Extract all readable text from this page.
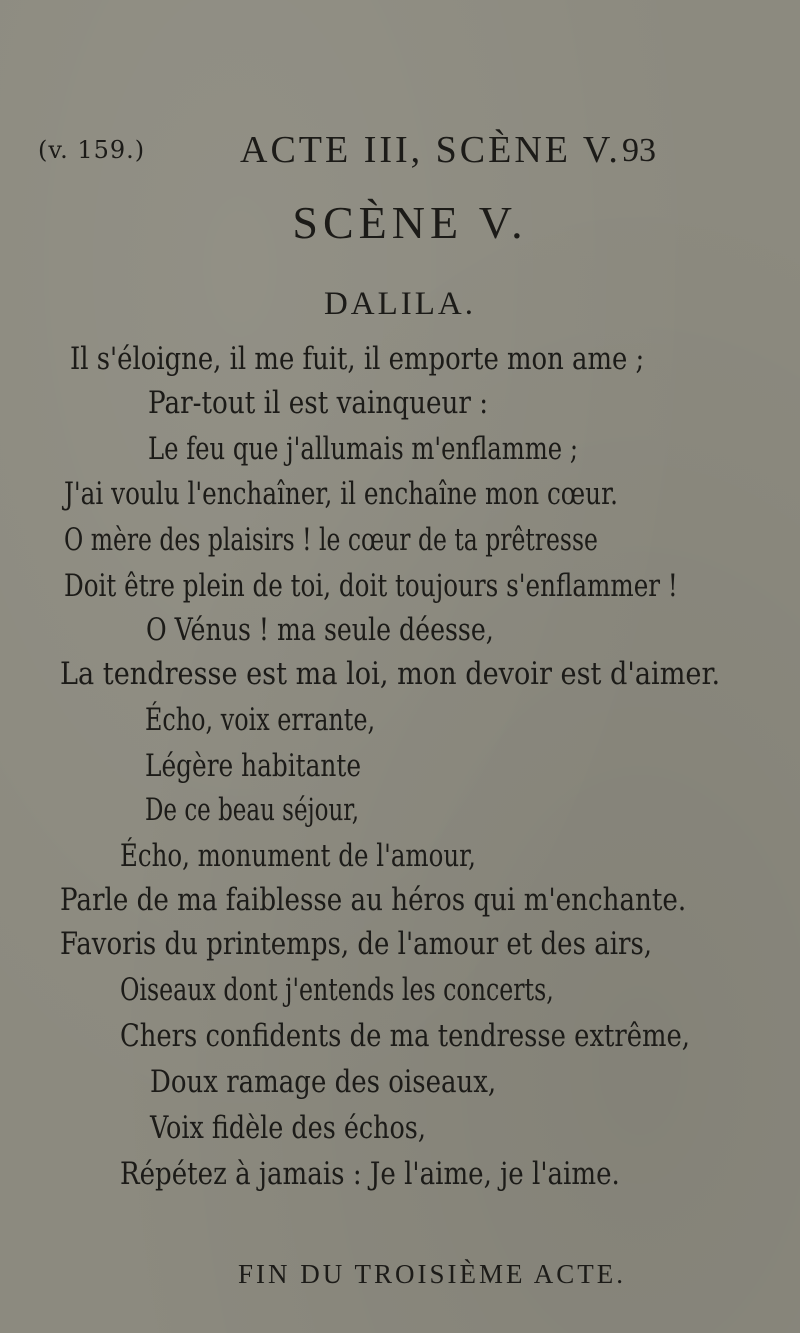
(v. 159.) ACTE III, SCÈNE V. 93
SCÈNE V.
DALILA.
Il s'éloigne, il me fuit, il emporte mon ame ;
Par-tout il est vainqueur :
Le feu que j'allumais m'enflamme ;
J'ai voulu l'enchaîner, il enchaîne mon cœur.
O mère des plaisirs ! le cœur de ta prêtresse
Doit être plein de toi, doit toujours s'enflammer !
O Vénus ! ma seule déesse,
La tendresse est ma loi, mon devoir est d'aimer.
Écho, voix errante,
Légère habitante
De ce beau séjour,
Écho, monument de l'amour,
Parle de ma faiblesse au héros qui m'enchante.
Favoris du printemps, de l'amour et des airs,
Oiseaux dont j'entends les concerts,
Chers confidents de ma tendresse extrême,
Doux ramage des oiseaux,
Voix fidèle des échos,
Répétez à jamais : Je l'aime, je l'aime.
FIN DU TROISIÈME ACTE.
